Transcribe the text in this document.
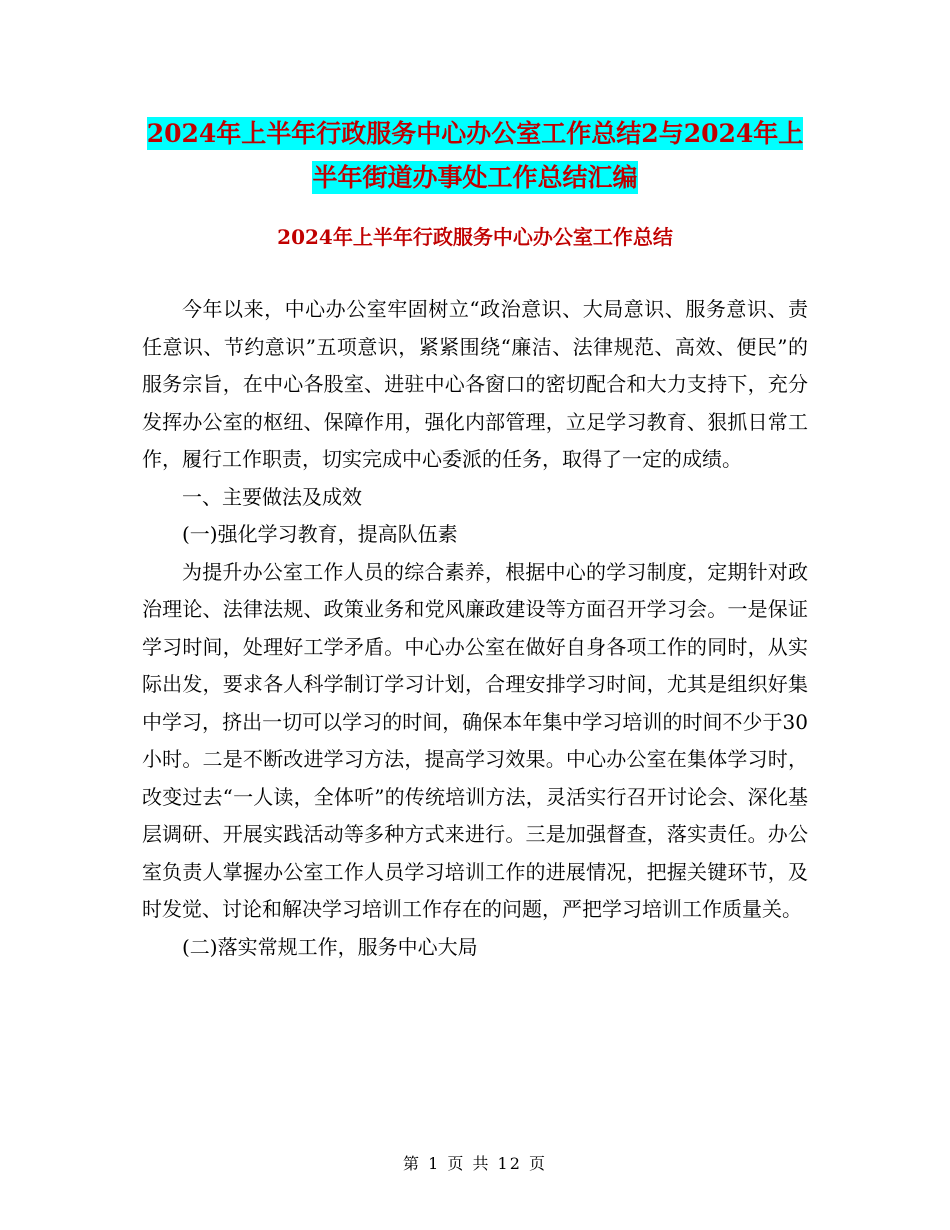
2024年上半年行政服务中心办公室工作总结2与2024年上半年街道办事处工作总结汇编
2024年上半年行政服务中心办公室工作总结

今年以来，中心办公室牢固树立“政治意识、大局意识、服务意识、责任意识、节约意识”五项意识，紧紧围绕“廉洁、法律规范、高效、便民”的服务宗旨，在中心各股室、进驻中心各窗口的密切配合和大力支持下，充分发挥办公室的枢纽、保障作用，强化内部管理，立足学习教育、狠抓日常工作，履行工作职责，切实完成中心委派的任务，取得了一定的成绩。

一、主要做法及成效

(一)强化学习教育，提高队伍素

为提升办公室工作人员的综合素养，根据中心的学习制度，定期针对政治理论、法律法规、政策业务和党风廉政建设等方面召开学习会。一是保证学习时间，处理好工学矛盾。中心办公室在做好自身各项工作的同时，从实际出发，要求各人科学制订学习计划，合理安排学习时间，尤其是组织好集中学习，挤出一切可以学习的时间，确保本年集中学习培训的时间不少于30小时。二是不断改进学习方法，提高学习效果。中心办公室在集体学习时，改变过去“一人读，全体听”的传统培训方法，灵活实行召开讨论会、深化基层调研、开展实践活动等多种方式来进行。三是加强督查，落实责任。办公室负责人掌握办公室工作人员学习培训工作的进展情况，把握关键环节，及时发觉、讨论和解决学习培训工作存在的问题，严把学习培训工作质量关。

(二)落实常规工作，服务中心大局

第 1 页 共 12 页
